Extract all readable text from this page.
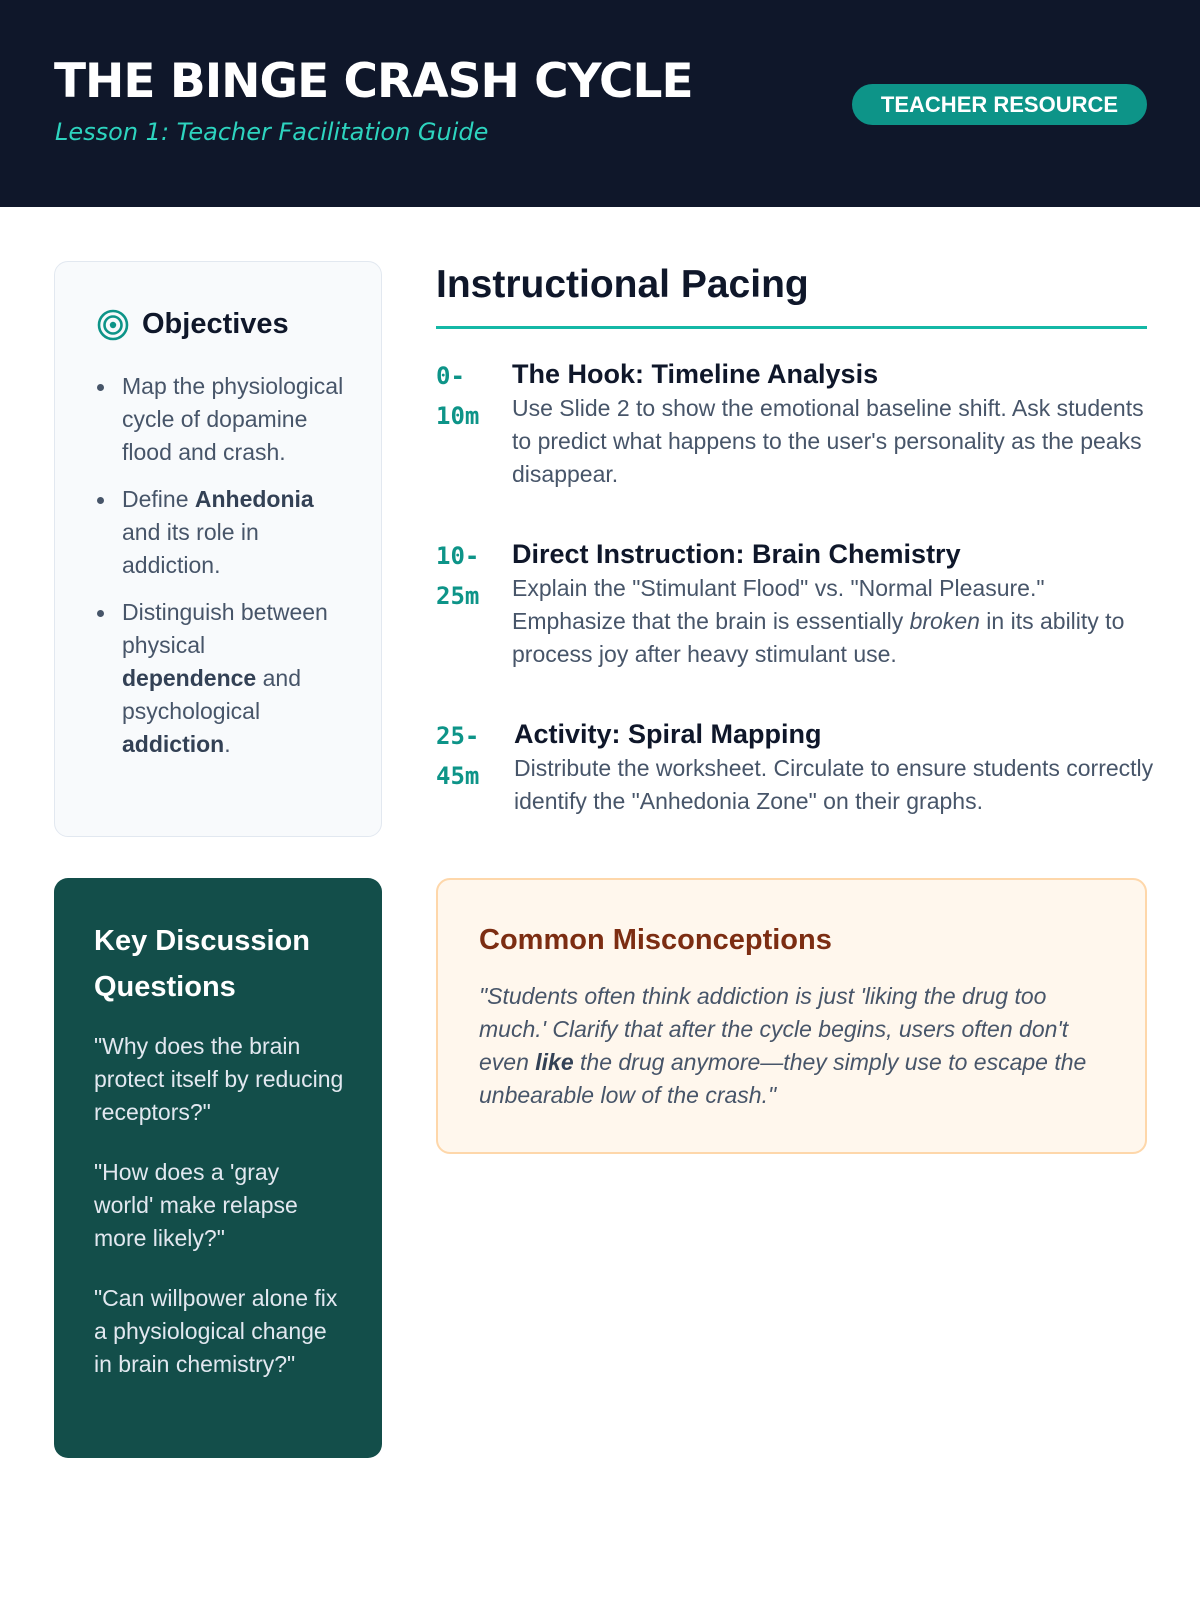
THE BINGE CRASH CYCLE
Lesson 1: Teacher Facilitation Guide
TEACHER RESOURCE
Objectives
Map the physiological cycle of dopamine flood and crash.
Define Anhedonia and its role in addiction.
Distinguish between physical dependence and psychological addiction.
Instructional Pacing
0-
10m
The Hook: Timeline Analysis
Use Slide 2 to show the emotional baseline shift. Ask students to predict what happens to the user's personality as the peaks disappear.
10-
25m
Direct Instruction: Brain Chemistry
Explain the "Stimulant Flood" vs. "Normal Pleasure." Emphasize that the brain is essentially broken in its ability to process joy after heavy stimulant use.
25-
45m
Activity: Spiral Mapping
Distribute the worksheet. Circulate to ensure students correctly identify the "Anhedonia Zone" on their graphs.
Key Discussion Questions
"Why does the brain protect itself by reducing receptors?"
"How does a 'gray world' make relapse more likely?"
"Can willpower alone fix a physiological change in brain chemistry?"
Common Misconceptions
"Students often think addiction is just 'liking the drug too much.' Clarify that after the cycle begins, users often don't even like the drug anymore—they simply use to escape the unbearable low of the crash."
